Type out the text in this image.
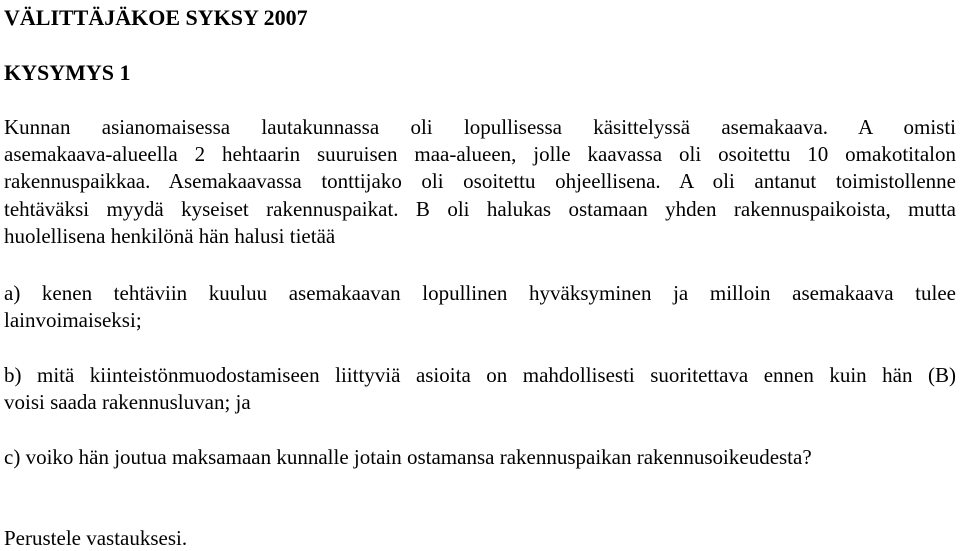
VÄLITTÄJÄKOE SYKSY 2007
KYSYMYS 1

Kunnan asianomaisessa lautakunnassa oli lopullisessa käsittelyssä asemakaava. A omisti

asemakaava-alueella 2 hehtaarin suuruisen maa-alueen, jolle kaavassa oli osoitettu 10 omakotitalon

rakennuspaikkaa. Asemakaavassa tonttijako oli osoitettu ohjeellisena. A oli antanut toimistollenne

tehtäväksi myydä kyseiset rakennuspaikat. B oli halukas ostamaan yhden rakennuspaikoista, mutta

huolellisena henkilönä hän halusi tietää

a) kenen tehtäviin kuuluu asemakaavan lopullinen hyväksyminen ja milloin asemakaava tulee

lainvoimaiseksi;

b) mitä kiinteistönmuodostamiseen liittyviä asioita on mahdollisesti suoritettava ennen kuin hän (B)

voisi saada rakennusluvan; ja

c) voiko hän joutua maksamaan kunnalle jotain ostamansa rakennuspaikan rakennusoikeudesta?

Perustele vastauksesi.
